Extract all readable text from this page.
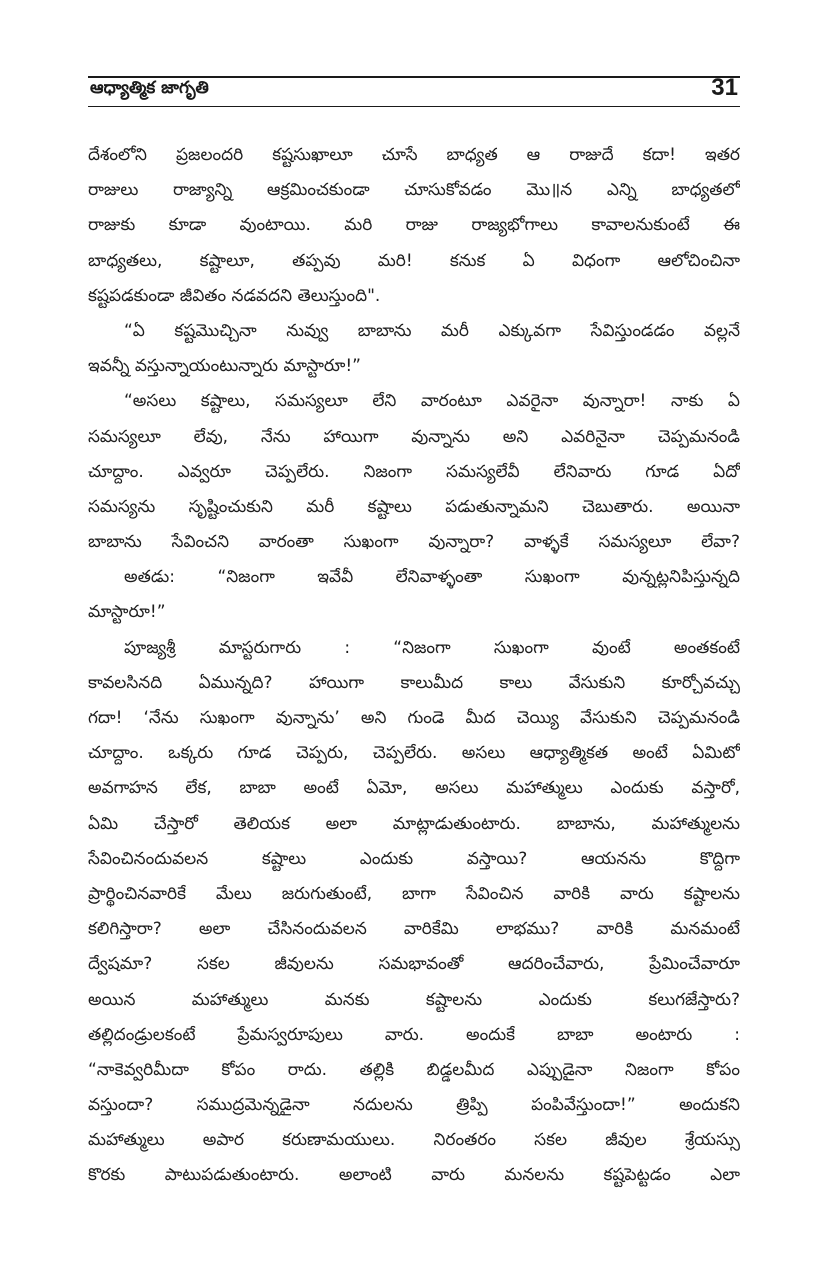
ఆధ్యాత్మిక జాగృతి	31
దేశంలోని ప్రజలందరి కష్టసుఖాలూ చూసే బాధ్యత ఆ రాజుదే కదా! ఇతర
రాజులు రాజ్యాన్ని ఆక్రమించకుండా చూసుకోవడం మొ॥న ఎన్ని బాధ్యతలో
రాజుకు కూడా వుంటాయి. మరి రాజు రాజ్యభోగాలు కావాలనుకుంటే ఈ
బాధ్యతలు, కష్టాలూ, తప్పవు మరి! కనుక ఏ విధంగా ఆలోచించినా
కష్టపడకుండా జీవితం నడవదని తెలుస్తుంది".
“ఏ కష్టమొచ్చినా నువ్వు బాబాను మరీ ఎక్కువగా సేవిస్తుండడం వల్లనే
ఇవన్నీ వస్తున్నాయంటున్నారు మాస్టారూ!”
“అసలు కష్టాలు, సమస్యలూ లేని వారంటూ ఎవరైనా వున్నారా! నాకు ఏ
సమస్యలూ లేవు, నేను హాయిగా వున్నాను అని ఎవరినైనా చెప్పమనండి
చూద్దాం. ఎవ్వరూ చెప్పలేరు. నిజంగా సమస్యలేవీ లేనివారు గూడ ఏదో
సమస్యను సృష్టించుకుని మరీ కష్టాలు పడుతున్నామని చెబుతారు. అయినా
బాబాను సేవించని వారంతా సుఖంగా వున్నారా? వాళ్ళకే సమస్యలూ లేవా?
అతడు: “నిజంగా ఇవేవీ లేనివాళ్ళంతా సుఖంగా వున్నట్లనిపిస్తున్నది
మాస్టారూ!”
పూజ్యశ్రీ మాస్టరుగారు : “నిజంగా సుఖంగా వుంటే అంతకంటే
కావలసినది ఏమున్నది? హాయిగా కాలుమీద కాలు వేసుకుని కూర్చోవచ్చు
గదా! ‘నేను సుఖంగా వున్నాను’ అని గుండె మీద చెయ్యి వేసుకుని చెప్పమనండి
చూద్దాం. ఒక్కరు గూడ చెప్పరు, చెప్పలేరు. అసలు ఆధ్యాత్మికత అంటే ఏమిటో
అవగాహన లేక, బాబా అంటే ఏమో, అసలు మహాత్ములు ఎందుకు వస్తారో,
ఏమి చేస్తారో తెలియక అలా మాట్లాడుతుంటారు. బాబాను, మహాత్ములను
సేవించినందువలన కష్టాలు ఎందుకు వస్తాయి? ఆయనను కొద్దిగా
ప్రార్థించినవారికే మేలు జరుగుతుంటే, బాగా సేవించిన వారికి వారు కష్టాలను
కలిగిస్తారా? అలా చేసినందువలన వారికేమి లాభము? వారికి మనమంటే
ద్వేషమా? సకల జీవులను సమభావంతో ఆదరించేవారు, ప్రేమించేవారూ
అయిన మహాత్ములు మనకు కష్టాలను ఎందుకు కలుగజేస్తారు?
తల్లిదండ్రులకంటే ప్రేమస్వరూపులు వారు. అందుకే బాబా అంటారు :
“నాకెవ్వరిమీదా కోపం రాదు. తల్లికి బిడ్డలమీద ఎప్పుడైనా నిజంగా కోపం
వస్తుందా? సముద్రమెన్నడైనా నదులను త్రిప్పి పంపివేస్తుందా!” అందుకని
మహాత్ములు అపార కరుణామయులు. నిరంతరం సకల జీవుల శ్రేయస్సు
కొరకు పాటుపడుతుంటారు. అలాంటి వారు మనలను కష్టపెట్టడం ఎలా
